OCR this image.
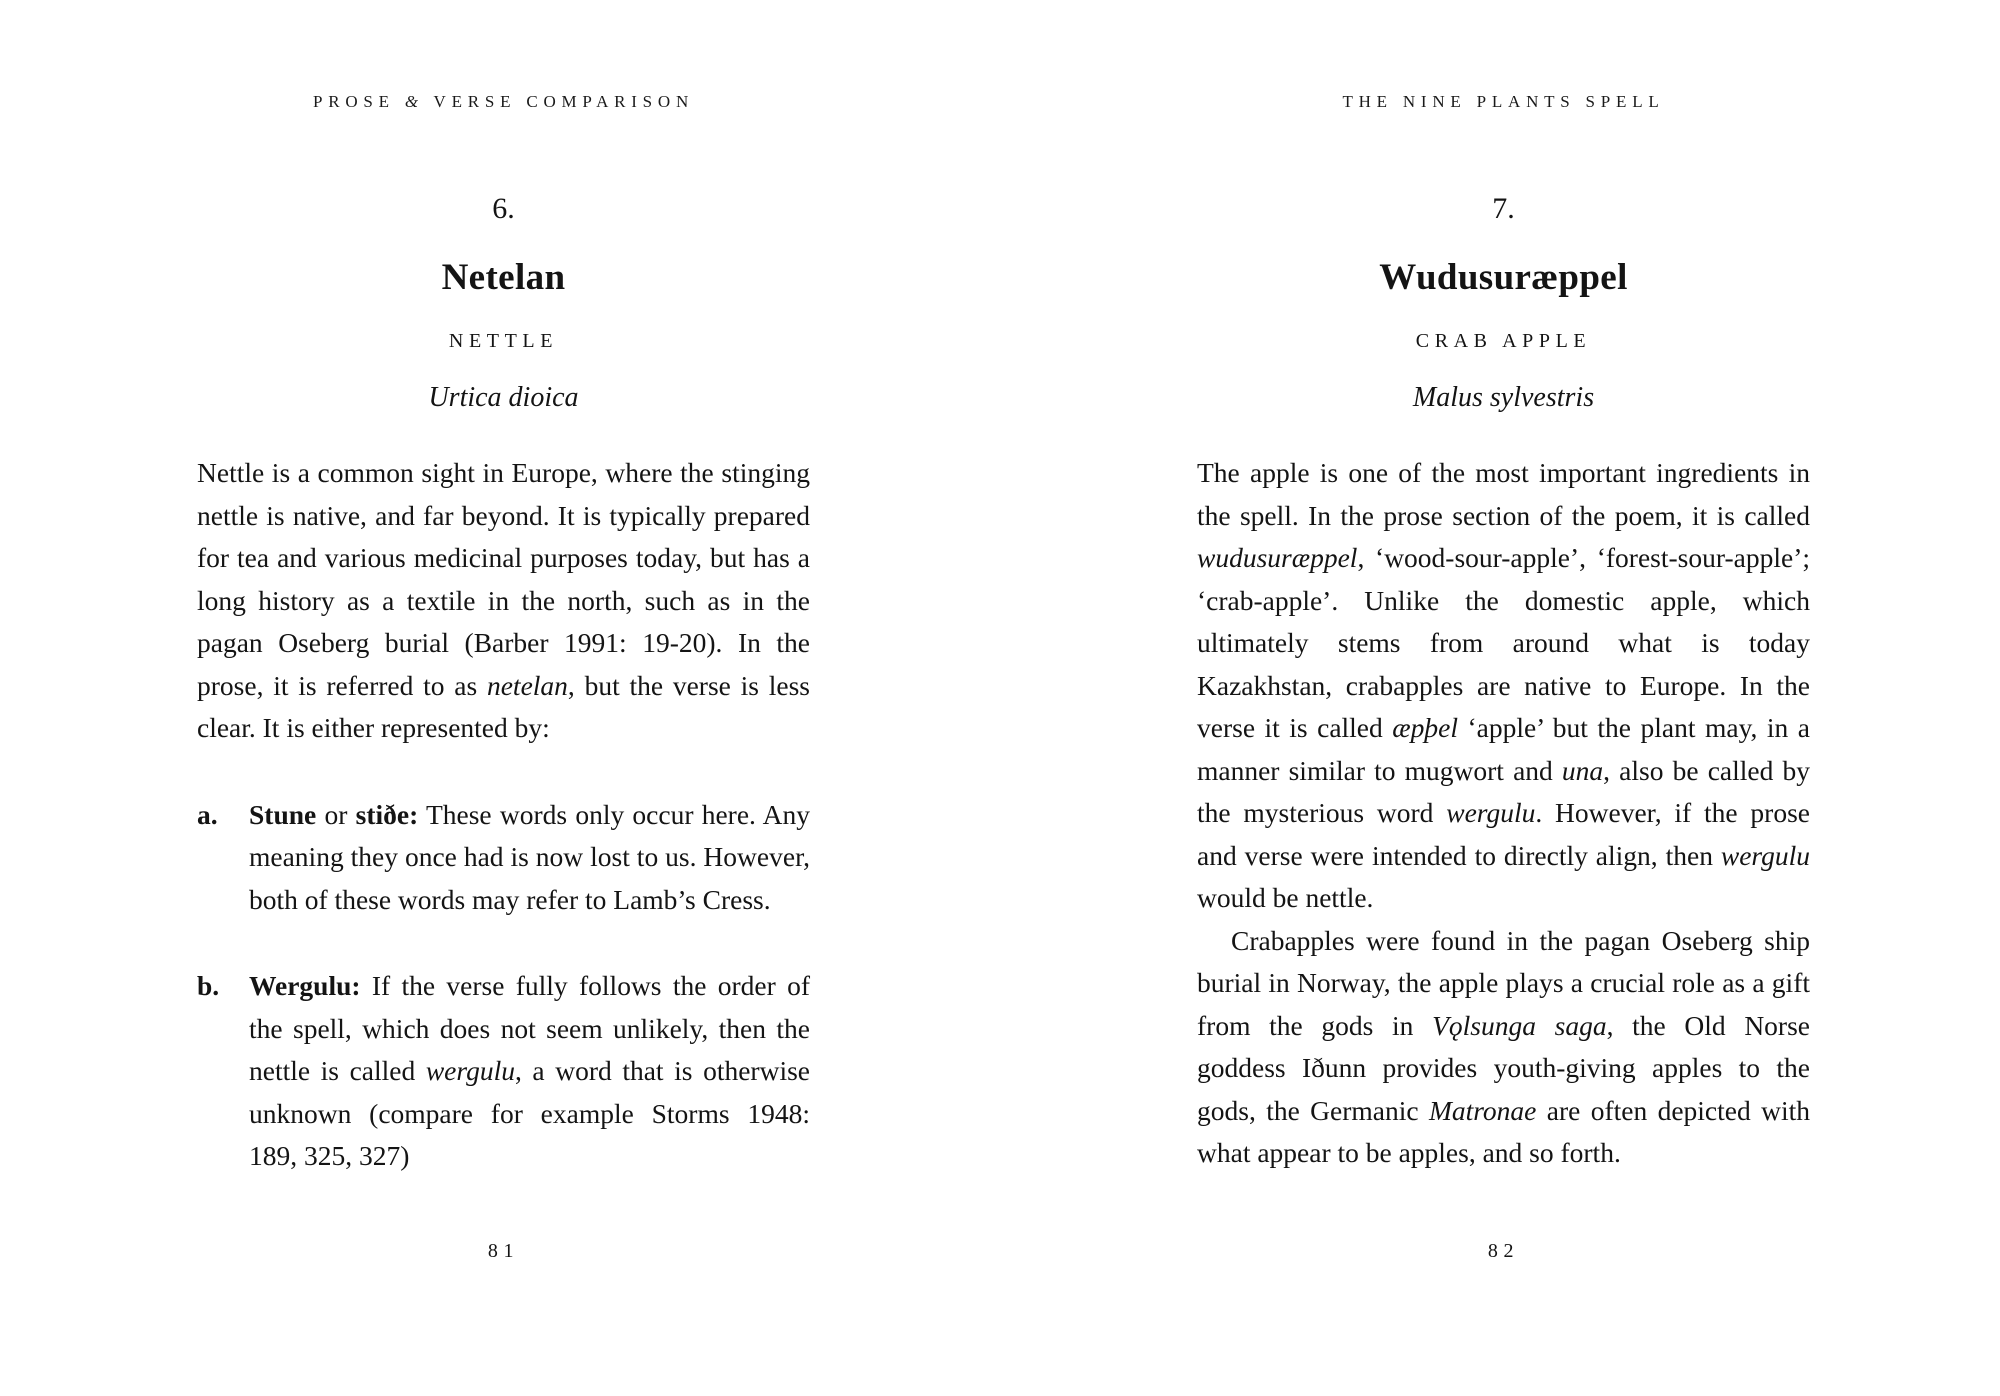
PROSE & VERSE COMPARISON
6.
Netelan
NETTLE
Urtica dioica

Nettle is a common sight in Europe, where the stinging nettle is native, and far beyond. It is typically prepared for tea and various medicinal purposes today, but has a long history as a textile in the north, such as in the pagan Oseberg burial (Barber 1991: 19-20). In the prose, it is referred to as netelan, but the verse is less clear. It is either represented by:

a.	Stune or stiðe: These words only occur here. Any meaning they once had is now lost to us. However, both of these words may refer to Lamb’s Cress.
b.	Wergulu: If the verse fully follows the order of the spell, which does not seem unlikely, then the nettle is called wergulu, a word that is otherwise unknown (compare for example Storms 1948: 189, 325, 327)
81
THE NINE PLANTS SPELL
7.
Wudusuræppel
CRAB APPLE
Malus sylvestris

The apple is one of the most important ingredients in the spell. In the prose section of the poem, it is called wudusuræppel, ‘wood-sour-apple’, ‘forest-sour-apple’; ‘crab-apple’. Unlike the domestic apple, which ultimately stems from around what is today Kazakhstan, crabapples are native to Europe. In the verse it is called æpþel ‘apple’ but the plant may, in a manner similar to mugwort and una, also be called by the mysterious word wergulu. However, if the prose and verse were intended to directly align, then wergulu would be nettle.

Crabapples were found in the pagan Oseberg ship burial in Norway, the apple plays a crucial role as a gift from the gods in Vǫlsunga saga, the Old Norse goddess Iðunn provides youth-giving apples to the gods, the Germanic Matronae are often depicted with what appear to be apples, and so forth.

82
